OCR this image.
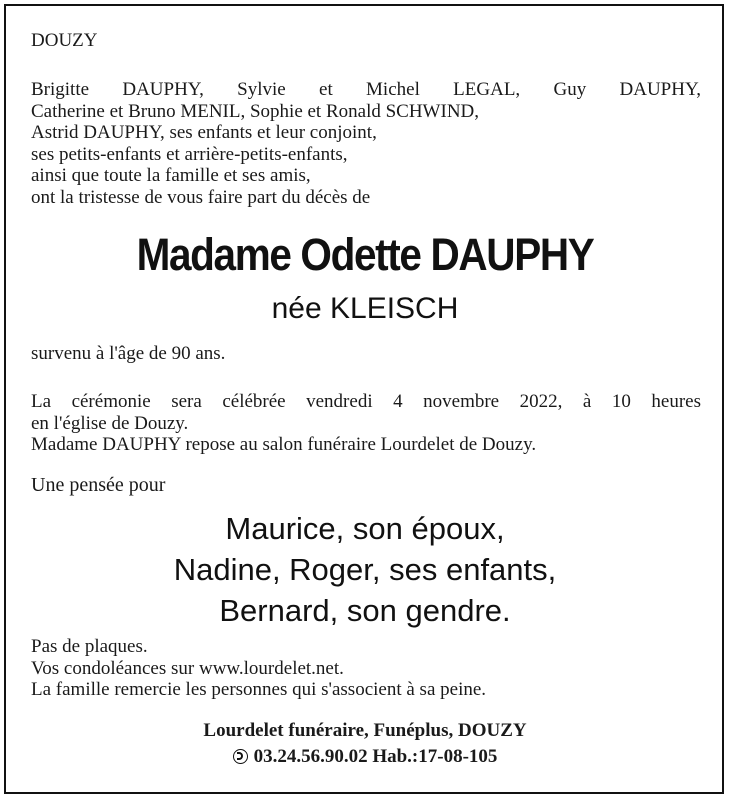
DOUZY
Brigitte DAUPHY, Sylvie et Michel LEGAL, Guy DAUPHY,
Catherine et Bruno MENIL, Sophie et Ronald SCHWIND,
Astrid DAUPHY, ses enfants et leur conjoint,
ses petits-enfants et arrière-petits-enfants,
ainsi que toute la famille et ses amis,
ont la tristesse de vous faire part du décès de
Madame Odette DAUPHY
née KLEISCH
survenu à l'âge de 90 ans.
La cérémonie sera célébrée vendredi 4 novembre 2022, à 10 heures
en l'église de Douzy.
Madame DAUPHY repose au salon funéraire Lourdelet de Douzy.
Une pensée pour
Maurice, son époux,
Nadine, Roger, ses enfants,
Bernard, son gendre.
Pas de plaques.
Vos condoléances sur www.lourdelet.net.
La famille remercie les personnes qui s'associent à sa peine.
Lourdelet funéraire, Funéplus, DOUZY
03.24.56.90.02 Hab.:17-08-105
